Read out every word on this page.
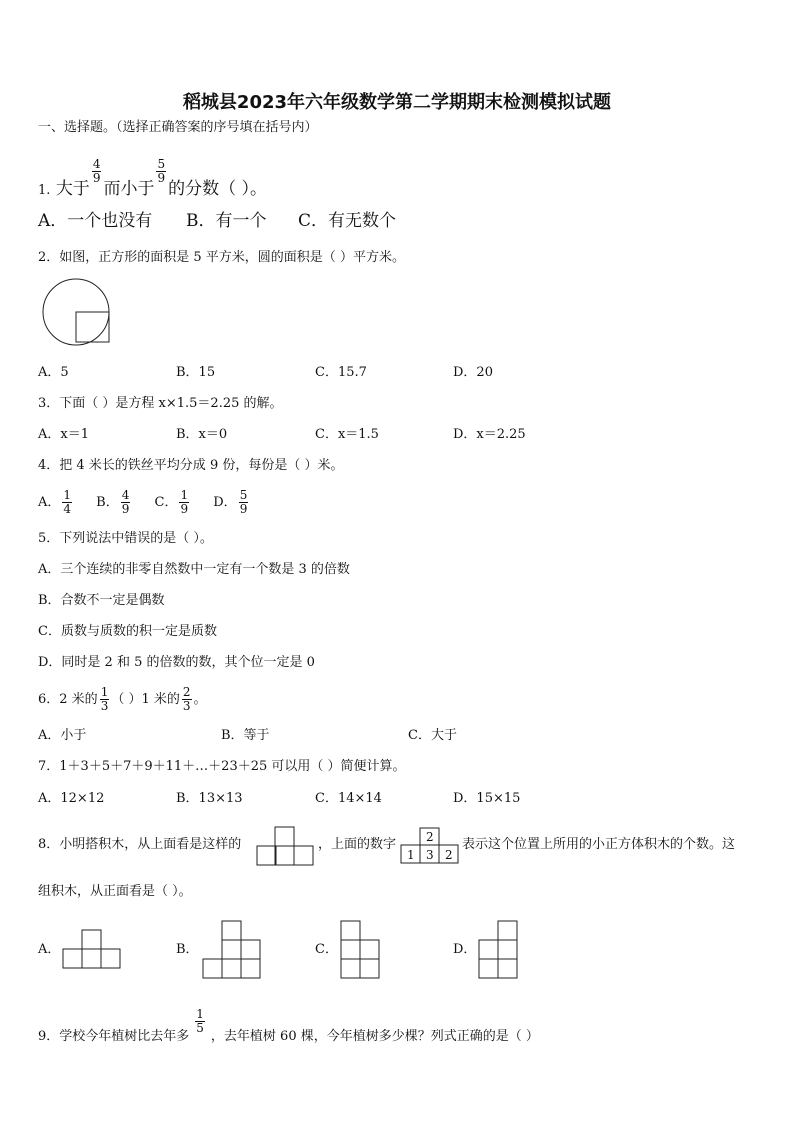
稻城县2023年六年级数学第二学期期末检测模拟试题
一、选择题。（选择正确答案的序号填在括号内）
1. 大于
$\frac{4}{9}$
而小于
$\frac{5}{9}$
的分数（ ）。
A．一个也没有 B．有一个 C．有无数个
2．如图，正方形的面积是 5 平方米，圆的面积是（ ）平方米。
A．5	B．15	C．15.7	D．20
3．下面（ ）是方程 x×1.5＝2.25 的解。
A．x＝1	B．x＝0	C．x＝1.5	D．x＝2.25
4．把 4 米长的铁丝平均分成 9 份，每份是（ ）米。
A． $\frac{1}{4}$ B． $\frac{4}{9}$ C． $\frac{1}{9}$ D． $\frac{5}{9}$
5．下列说法中错误的是（ ）。
A．三个连续的非零自然数中一定有一个数是 3 的倍数
B．合数不一定是偶数
C．质数与质数的积一定是质数
D．同时是 2 和 5 的倍数的数，其个位一定是 0
6．2 米的 $\frac{1}{3}$ （ ）1 米的 $\frac{2}{3}$ 。
A．小于	B．等于	C．大于
7．1＋3＋5＋7＋9＋11＋…＋23＋25 可以用（ ）简便计算。
A．12×12	B．13×13	C．14×14	D．15×15
8．小明搭积木，从上面看是这样的	，上面的数字 2
1 3 2
表示这个位置上所用的小正方体积木的个数。这
组积木，从正面看是（ ）。
A．	B．	C．	D．
9．学校今年植树比去年多
$\frac{1}{5}$
，去年植树 60 棵，今年植树多少棵？列式正确的是（ ）
